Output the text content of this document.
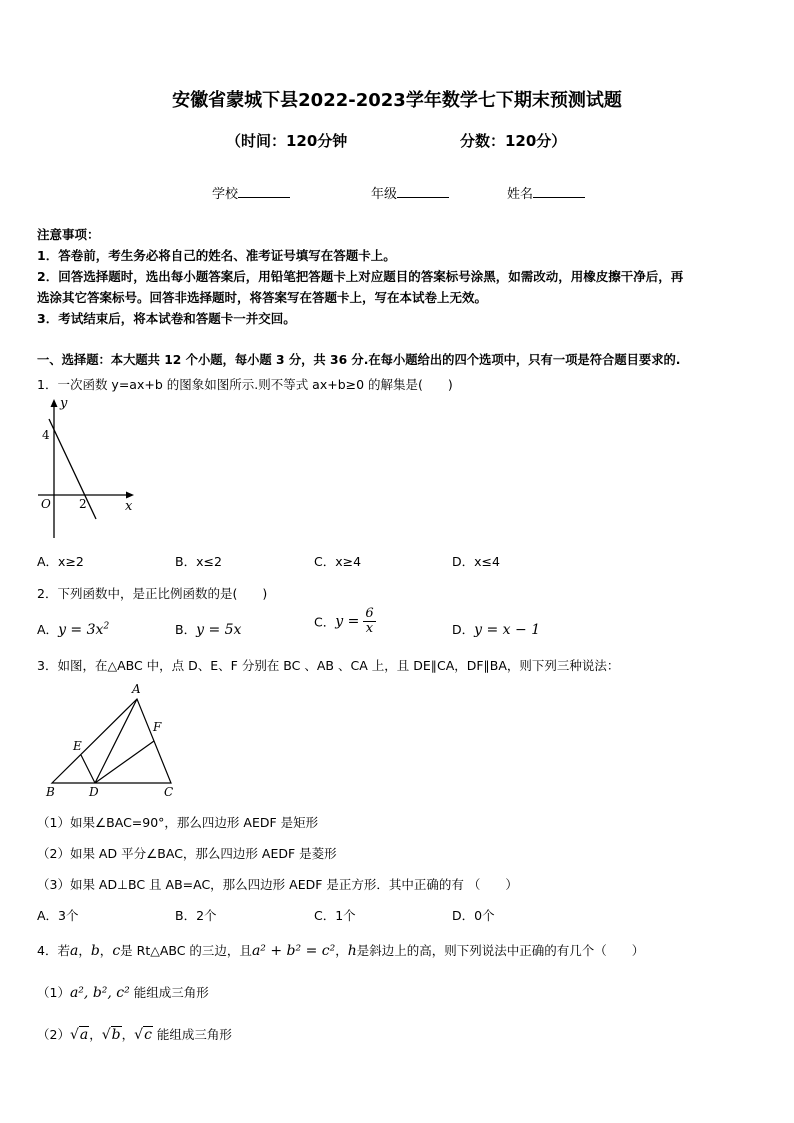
安徽省蒙城下县2022-2023学年数学七下期末预测试题
（时间：120分钟	分数：120分）
学校	年级	姓名
注意事项：
1．答卷前，考生务必将自己的姓名、准考证号填写在答题卡上。
2．回答选择题时，选出每小题答案后，用铅笔把答题卡上对应题目的答案标号涂黑，如需改动，用橡皮擦干净后，再
选涂其它答案标号。回答非选择题时，将答案写在答题卡上，写在本试卷上无效。
3．考试结束后，将本试卷和答题卡一并交回。
一、选择题：本大题共 12 个小题，每小题 3 分，共 36 分.在每小题给出的四个选项中，只有一项是符合题目要求的.
1．一次函数 y=ax+b 的图象如图所示.则不等式 ax+b≥0 的解集是(　　)
y
x
O
4
2
A．x≥2	B．x≤2	C．x≥4	D．x≤4
2．下列函数中，是正比例函数的是(　　)
A．$y = 3x^2$	B．y = 5x	C．$y = \frac{6}{x}$	D．y = x − 1
3．如图，在△ABC 中，点 D、E、F 分别在 BC 、AB 、CA 上，且 DE∥CA，DF∥BA，则下列三种说法：
A
B	C
D
E
F
（1）如果∠BAC=90°，那么四边形 AEDF 是矩形
（2）如果 AD 平分∠BAC，那么四边形 AEDF 是菱形
（3）如果 AD⊥BC 且 AB=AC，那么四边形 AEDF 是正方形．其中正确的有 （　　）
A．3个	B．2个	C．1个	D．0个
4．若a，b，c是 Rt△ABC 的三边，且a² + b² = c²，h是斜边上的高，则下列说法中正确的有几个（　　）
（1）a², b², c² 能组成三角形
（2）√a，√b，√c 能组成三角形
